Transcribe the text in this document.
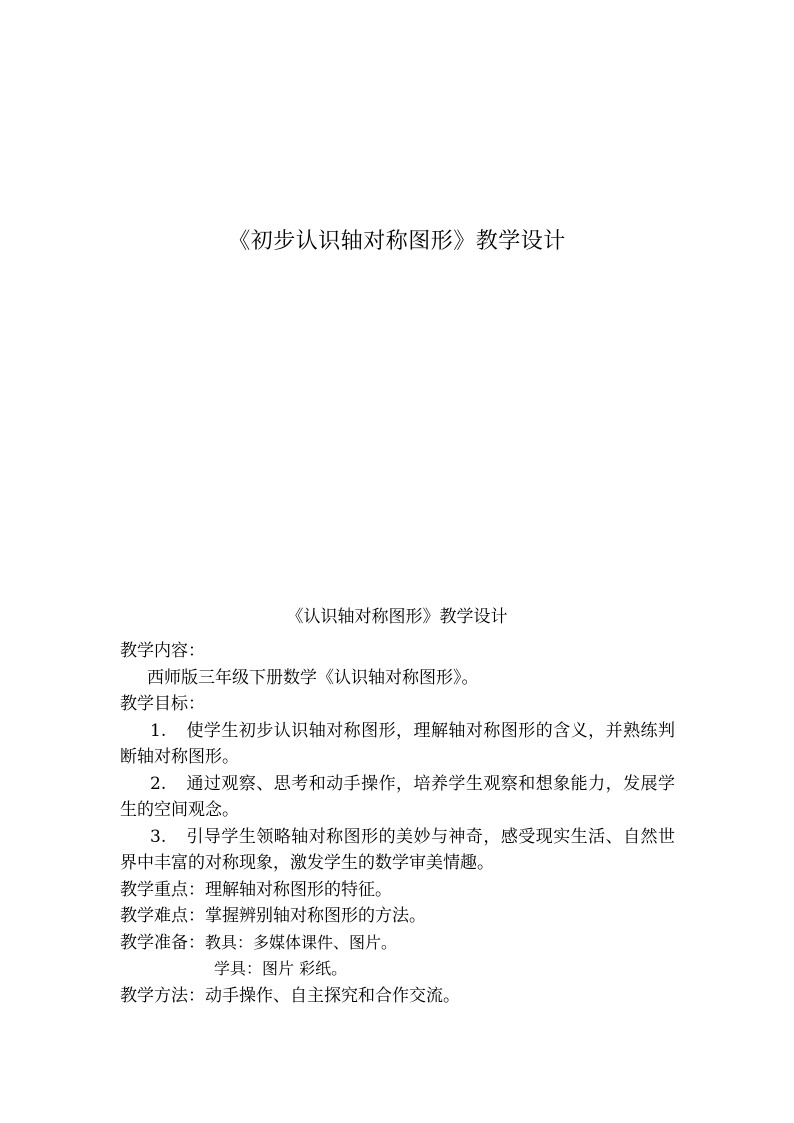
《初步认识轴对称图形》教学设计
《认识轴对称图形》教学设计
教学内容：
西师版三年级下册数学《认识轴对称图形》。
教学目标：
1. 使学生初步认识轴对称图形，理解轴对称图形的含义，并熟练判断轴对称图形。
2. 通过观察、思考和动手操作，培养学生观察和想象能力，发展学生的空间观念。
3. 引导学生领略轴对称图形的美妙与神奇，感受现实生活、自然世界中丰富的对称现象，激发学生的数学审美情趣。
教学重点： 理解轴对称图形的特征。
教学难点： 掌握辨别轴对称图形的方法。
教学准备： 教具：多媒体课件、图片。
学具：图片 彩纸。
教学方法： 动手操作、自主探究和合作交流。
